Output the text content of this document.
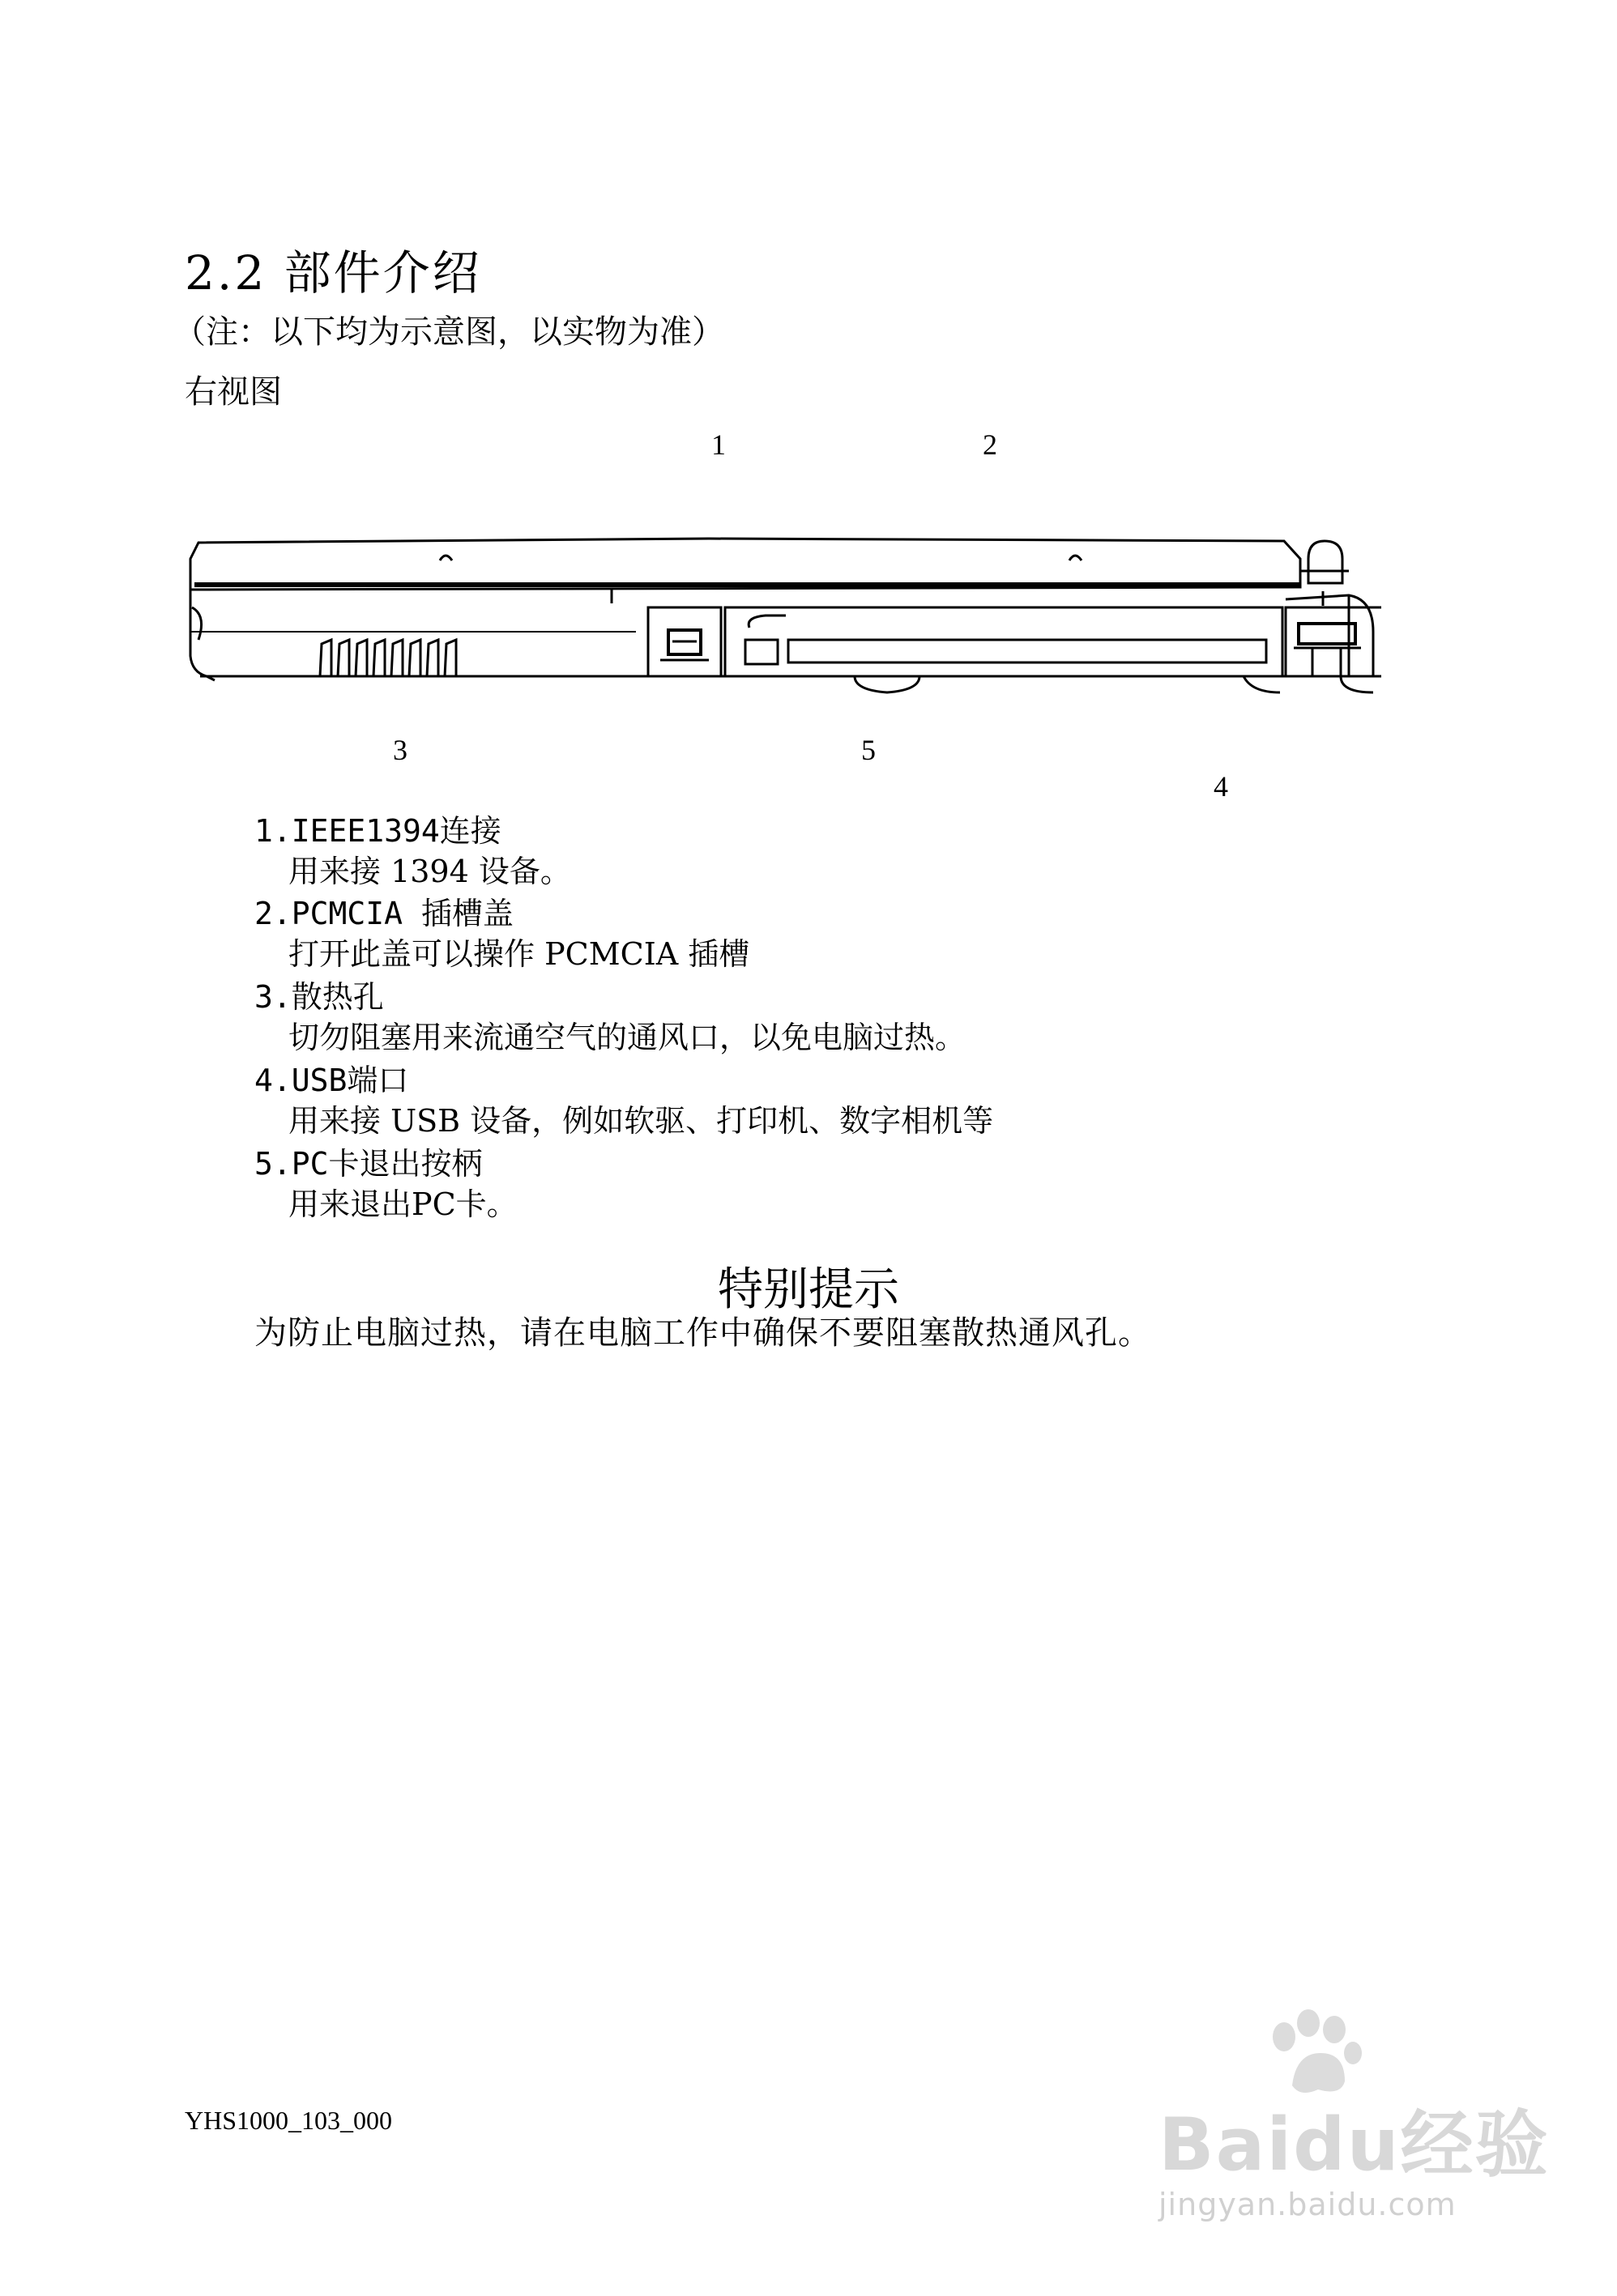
2.2 部件介绍
（注：以下均为示意图，以实物为准）
右视图
1	2
3	5
4
1.IEEE1394连接
用来接 1394 设备。
2.PCMCIA 插槽盖
打开此盖可以操作 PCMCIA 插槽
3.散热孔
切勿阻塞用来流通空气的通风口，以免电脑过热。
4.USB端口
用来接 USB 设备，例如软驱、打印机、数字相机等
5.PC卡退出按柄
用来退出PC卡。
特别提示
为防止电脑过热，请在电脑工作中确保不要阻塞散热通风孔。
YHS1000_103_000	Baidu经验
jingyan.baidu.com
